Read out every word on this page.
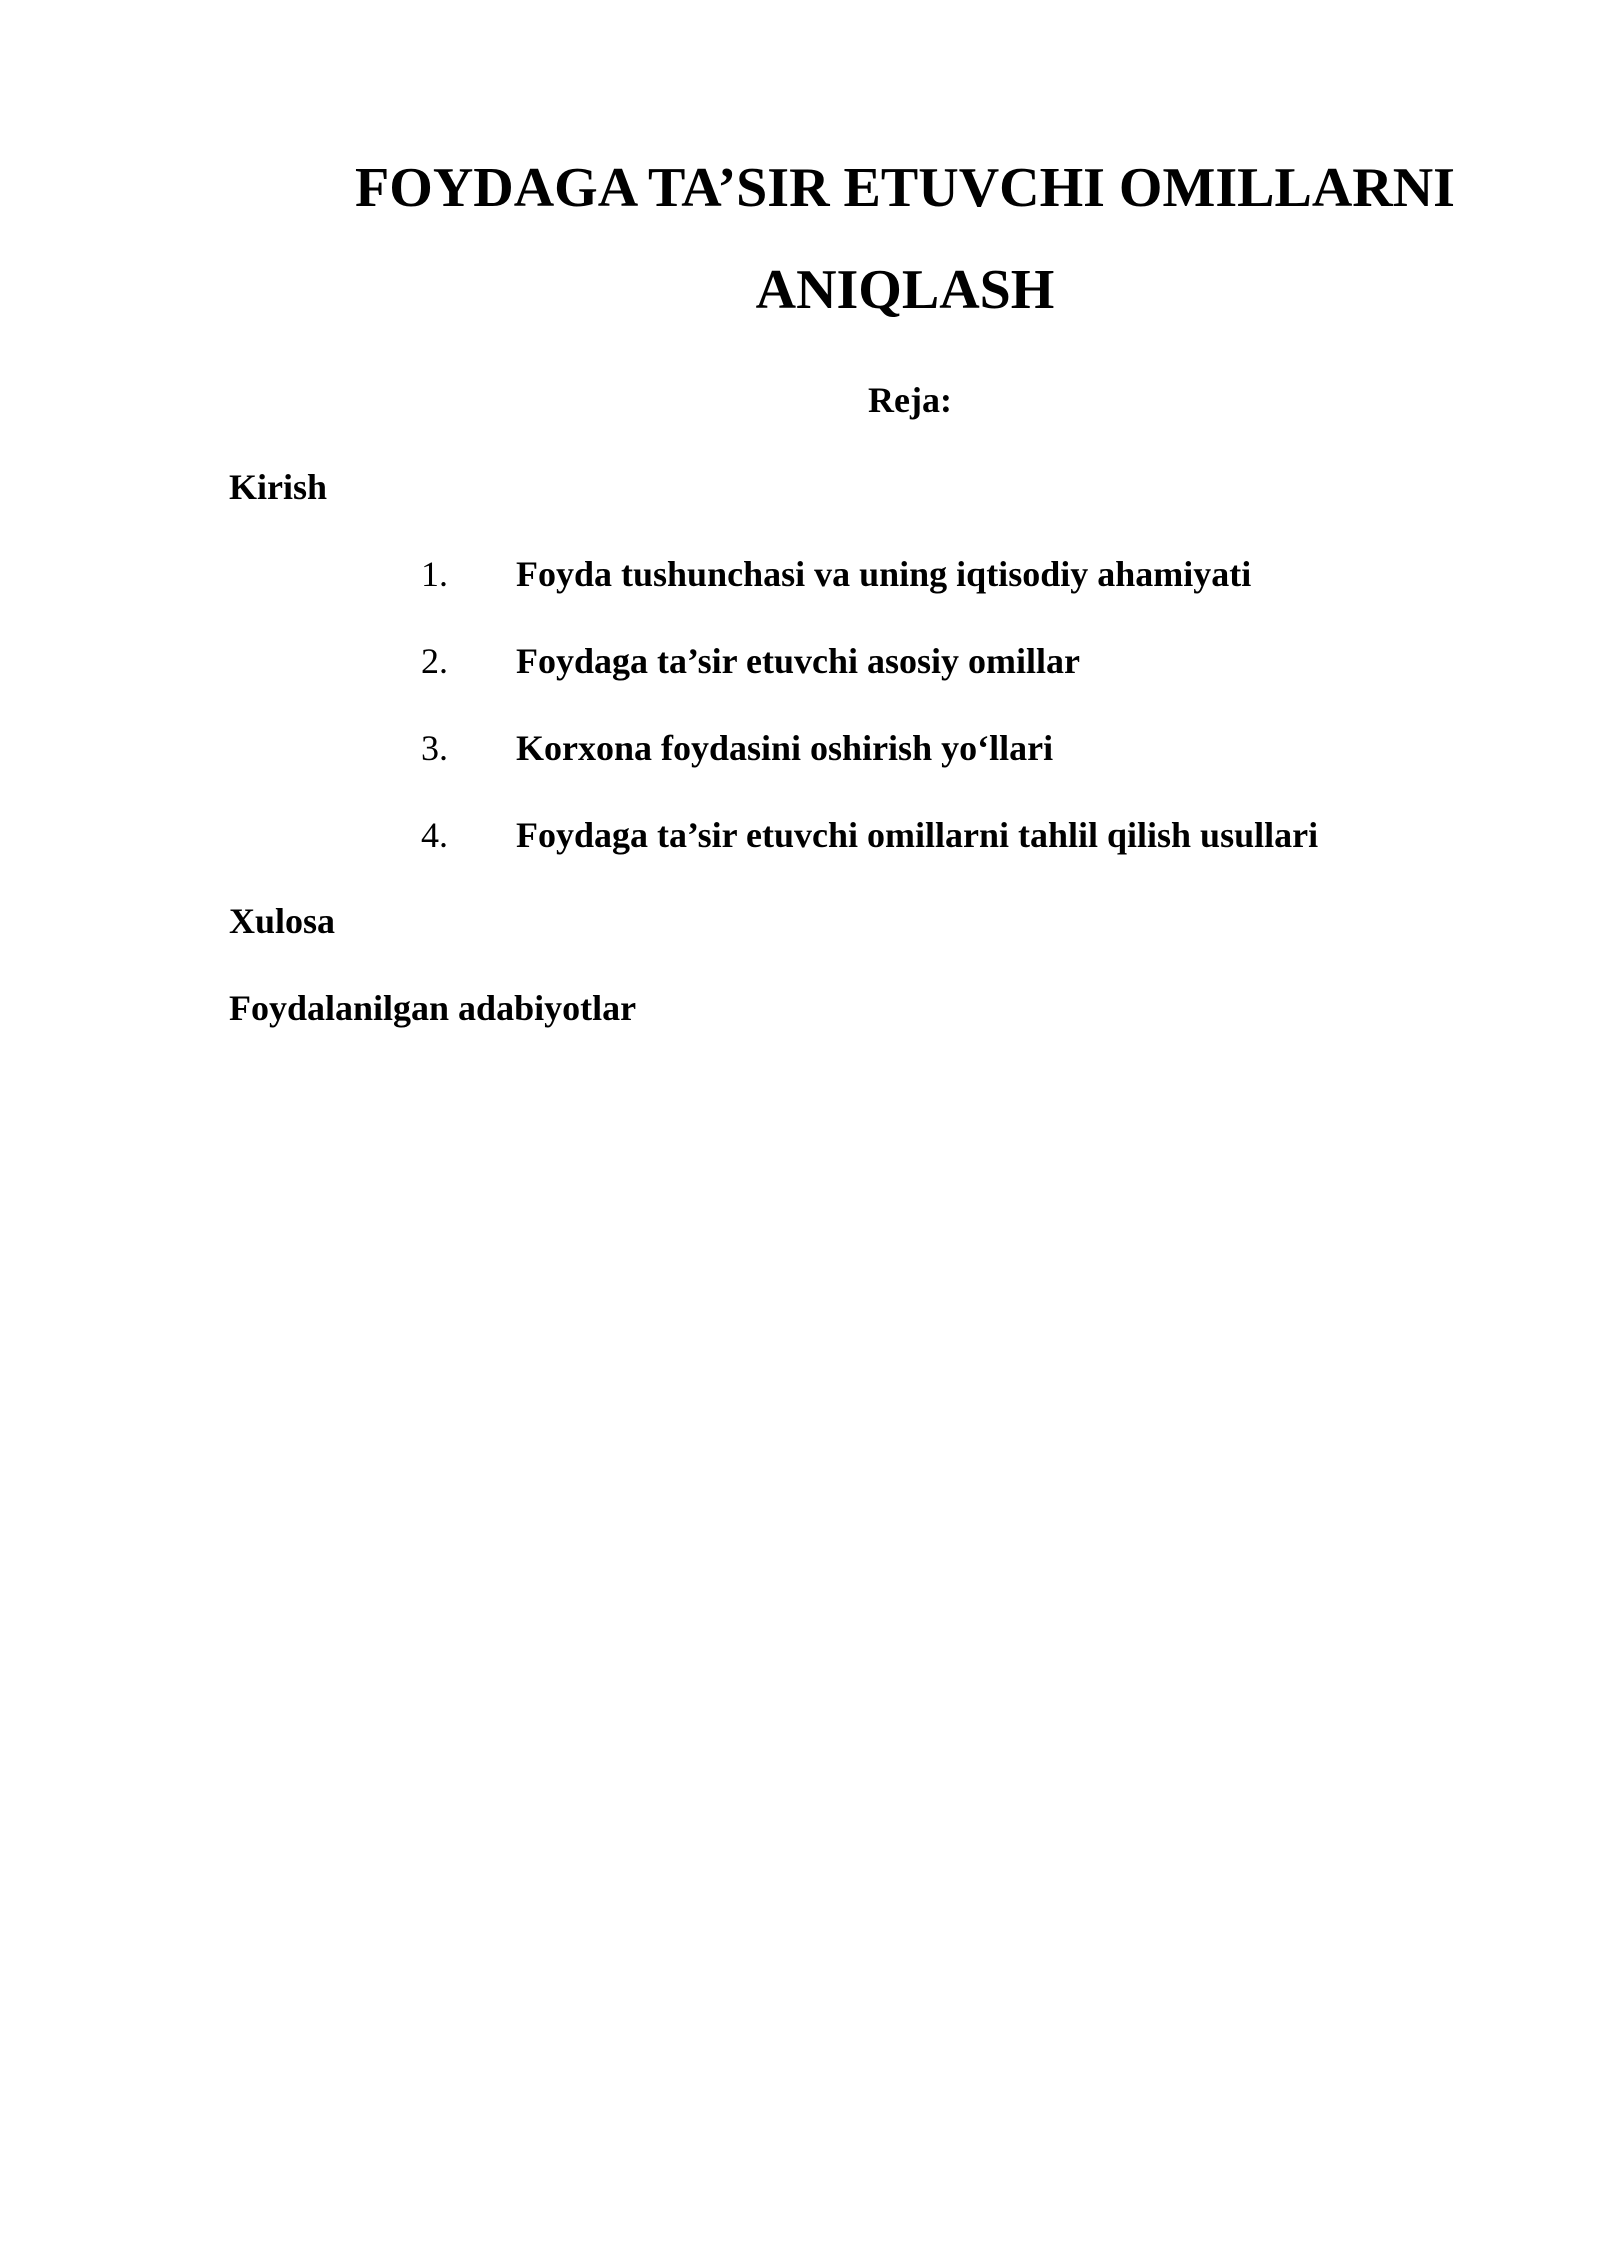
FOYDAGA TA’SIR ETUVCHI OMILLARNI
ANIQLASH
Reja:
Kirish
1. Foyda tushunchasi va uning iqtisodiy ahamiyati
2. Foydaga ta’sir etuvchi asosiy omillar
3. Korxona foydasini oshirish yo‘llari
4. Foydaga ta’sir etuvchi omillarni tahlil qilish usullari
Xulosa
Foydalanilgan adabiyotlar
